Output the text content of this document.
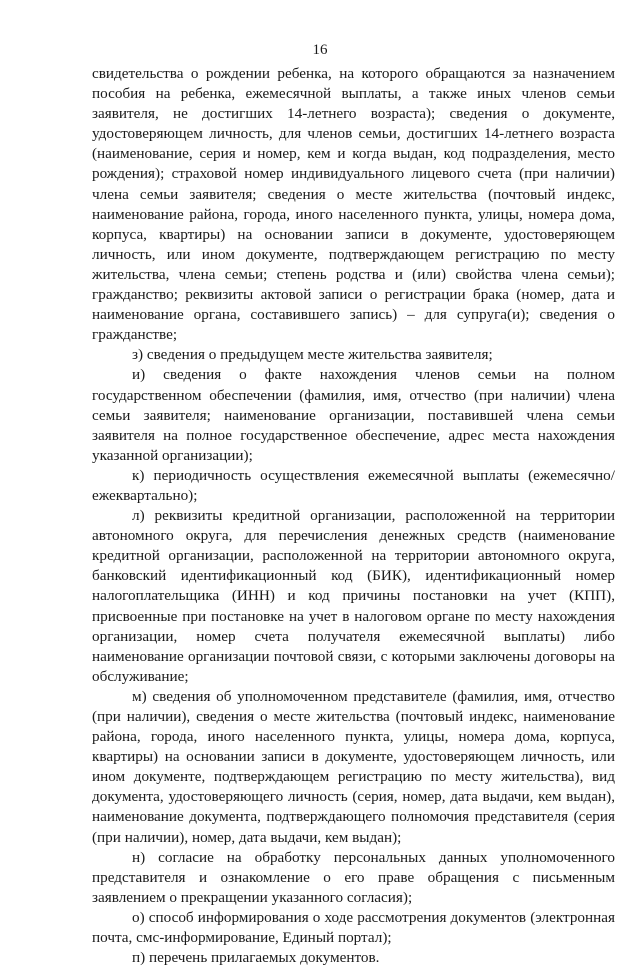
16

свидетельства о рождении ребенка, на которого обращаются за назначением пособия на ребенка, ежемесячной выплаты, а также иных членов семьи заявителя, не достигших 14-летнего возраста); сведения о документе, удостоверяющем личность, для членов семьи, достигших 14-летнего возраста (наименование, серия и номер, кем и когда выдан, код подразделения, место рождения); страховой номер индивидуального лицевого счета (при наличии) члена семьи заявителя; сведения о месте жительства (почтовый индекс, наименование района, города, иного населенного пункта, улицы, номера дома, корпуса, квартиры) на основании записи в документе, удостоверяющем личность, или ином документе, подтверждающем регистрацию по месту жительства, члена семьи; степень родства и (или) свойства члена семьи); гражданство; реквизиты актовой записи о регистрации брака (номер, дата и наименование органа, составившего запись) – для супруга(и); сведения о гражданстве;

з) сведения о предыдущем месте жительства заявителя;

и) сведения о факте нахождения членов семьи на полном государственном обеспечении (фамилия, имя, отчество (при наличии) члена семьи заявителя; наименование организации, поставившей члена семьи заявителя на полное государственное обеспечение, адрес места нахождения указанной организации);

к) периодичность осуществления ежемесячной выплаты (ежемесячно/ ежеквартально);

л) реквизиты кредитной организации, расположенной на территории автономного округа, для перечисления денежных средств (наименование кредитной организации, расположенной на территории автономного округа, банковский идентификационный код (БИК), идентификационный номер налогоплательщика (ИНН) и код причины постановки на учет (КПП), присвоенные при постановке на учет в налоговом органе по месту нахождения организации, номер счета получателя ежемесячной выплаты) либо наименование организации почтовой связи, с которыми заключены договоры на обслуживание;

м) сведения об уполномоченном представителе (фамилия, имя, отчество (при наличии), сведения о месте жительства (почтовый индекс, наименование района, города, иного населенного пункта, улицы, номера дома, корпуса, квартиры) на основании записи в документе, удостоверяющем личность, или ином документе, подтверждающем регистрацию по месту жительства), вид документа, удостоверяющего личность (серия, номер, дата выдачи, кем выдан), наименование документа, подтверждающего полномочия представителя (серия (при наличии), номер, дата выдачи, кем выдан);

н) согласие на обработку персональных данных уполномоченного представителя и ознакомление о его праве обращения с письменным заявлением о прекращении указанного согласия);

о) способ информирования о ходе рассмотрения документов (электронная почта, смс-информирование, Единый портал);

п) перечень прилагаемых документов.
